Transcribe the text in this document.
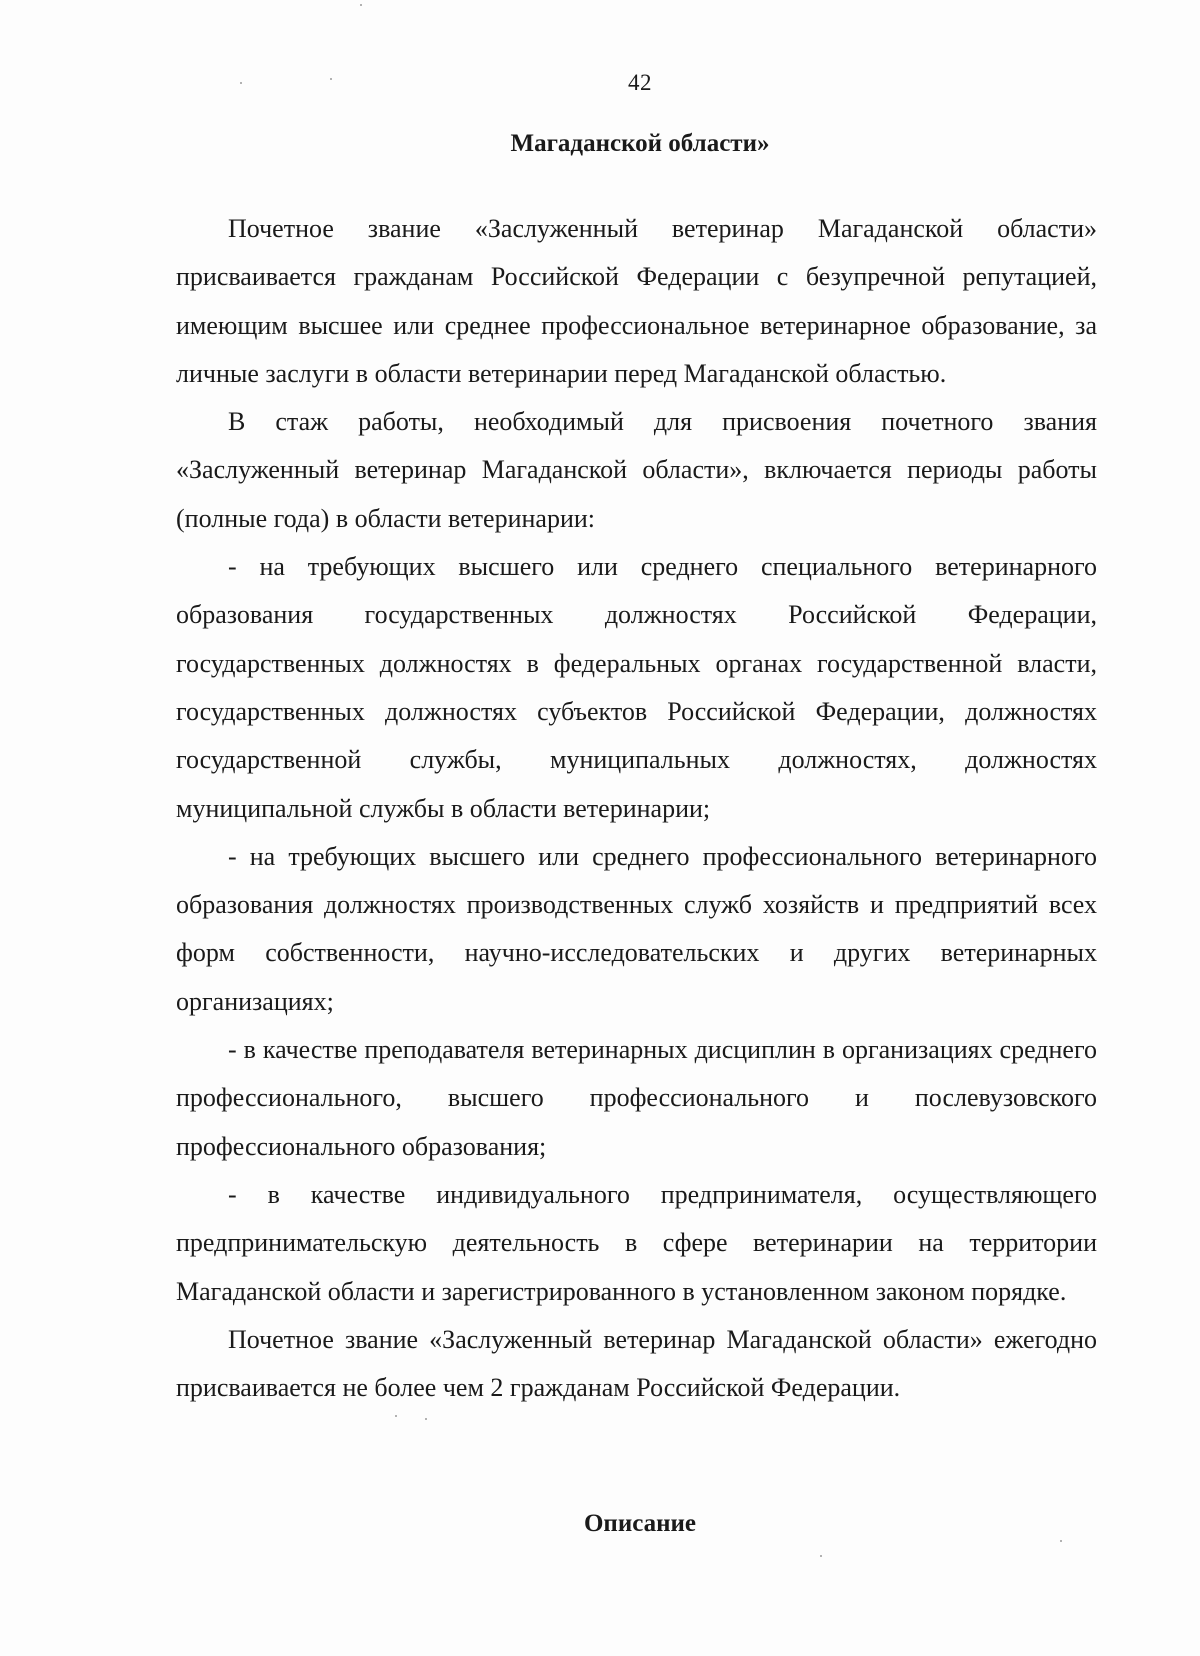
42
Магаданской области»

Почетное звание «Заслуженный ветеринар Магаданской области» присваивается гражданам Российской Федерации с безупречной репутацией, имеющим высшее или среднее профессиональное ветеринарное образование, за личные заслуги в области ветеринарии перед Магаданской областью.

В стаж работы, необходимый для присвоения почетного звания «Заслуженный ветеринар Магаданской области», включается периоды работы (полные года) в области ветеринарии:

- на требующих высшего или среднего специального ветеринарного образования государственных должностях Российской Федерации, государственных должностях в федеральных органах государственной власти, государственных должностях субъектов Российской Федерации, должностях государственной службы, муниципальных должностях, должностях муниципальной службы в области ветеринарии;

- на требующих высшего или среднего профессионального ветеринарного образования должностях производственных служб хозяйств и предприятий всех форм собственности, научно-исследовательских и других ветеринарных организациях;

- в качестве преподавателя ветеринарных дисциплин в организациях среднего профессионального, высшего профессионального и послевузовского профессионального образования;

- в качестве индивидуального предпринимателя, осуществляющего предпринимательскую деятельность в сфере ветеринарии на территории Магаданской области и зарегистрированного в установленном законом порядке.

Почетное звание «Заслуженный ветеринар Магаданской области» ежегодно присваивается не более чем 2 гражданам Российской Федерации.

Описание
